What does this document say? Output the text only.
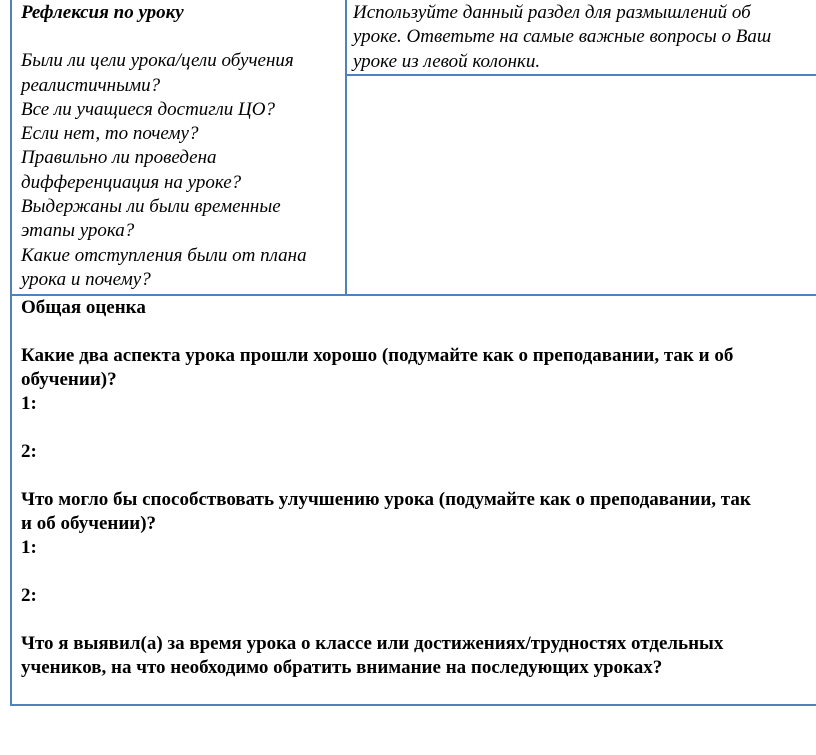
Рефлексия по уроку

Были ли цели урока/цели обучения

реалистичными?

Все ли учащиеся достигли ЦО?

Если нет, то почему?

Правильно ли проведена

дифференциация на уроке?

Выдержаны ли были временные

этапы урока?

Какие отступления были от плана

урока и почему?

Используйте данный раздел для размышлений об

уроке. Ответьте на самые важные вопросы о Ваш

уроке из левой колонки.

Общая оценка

Какие два аспекта урока прошли хорошо (подумайте как о преподавании, так и об

обучении)?

1:

2:

Что могло бы способствовать улучшению урока (подумайте как о преподавании, так

и об обучении)?

1:

2:

Что я выявил(а) за время урока о классе или достижениях/трудностях отдельных

учеников, на что необходимо обратить внимание на последующих уроках?
